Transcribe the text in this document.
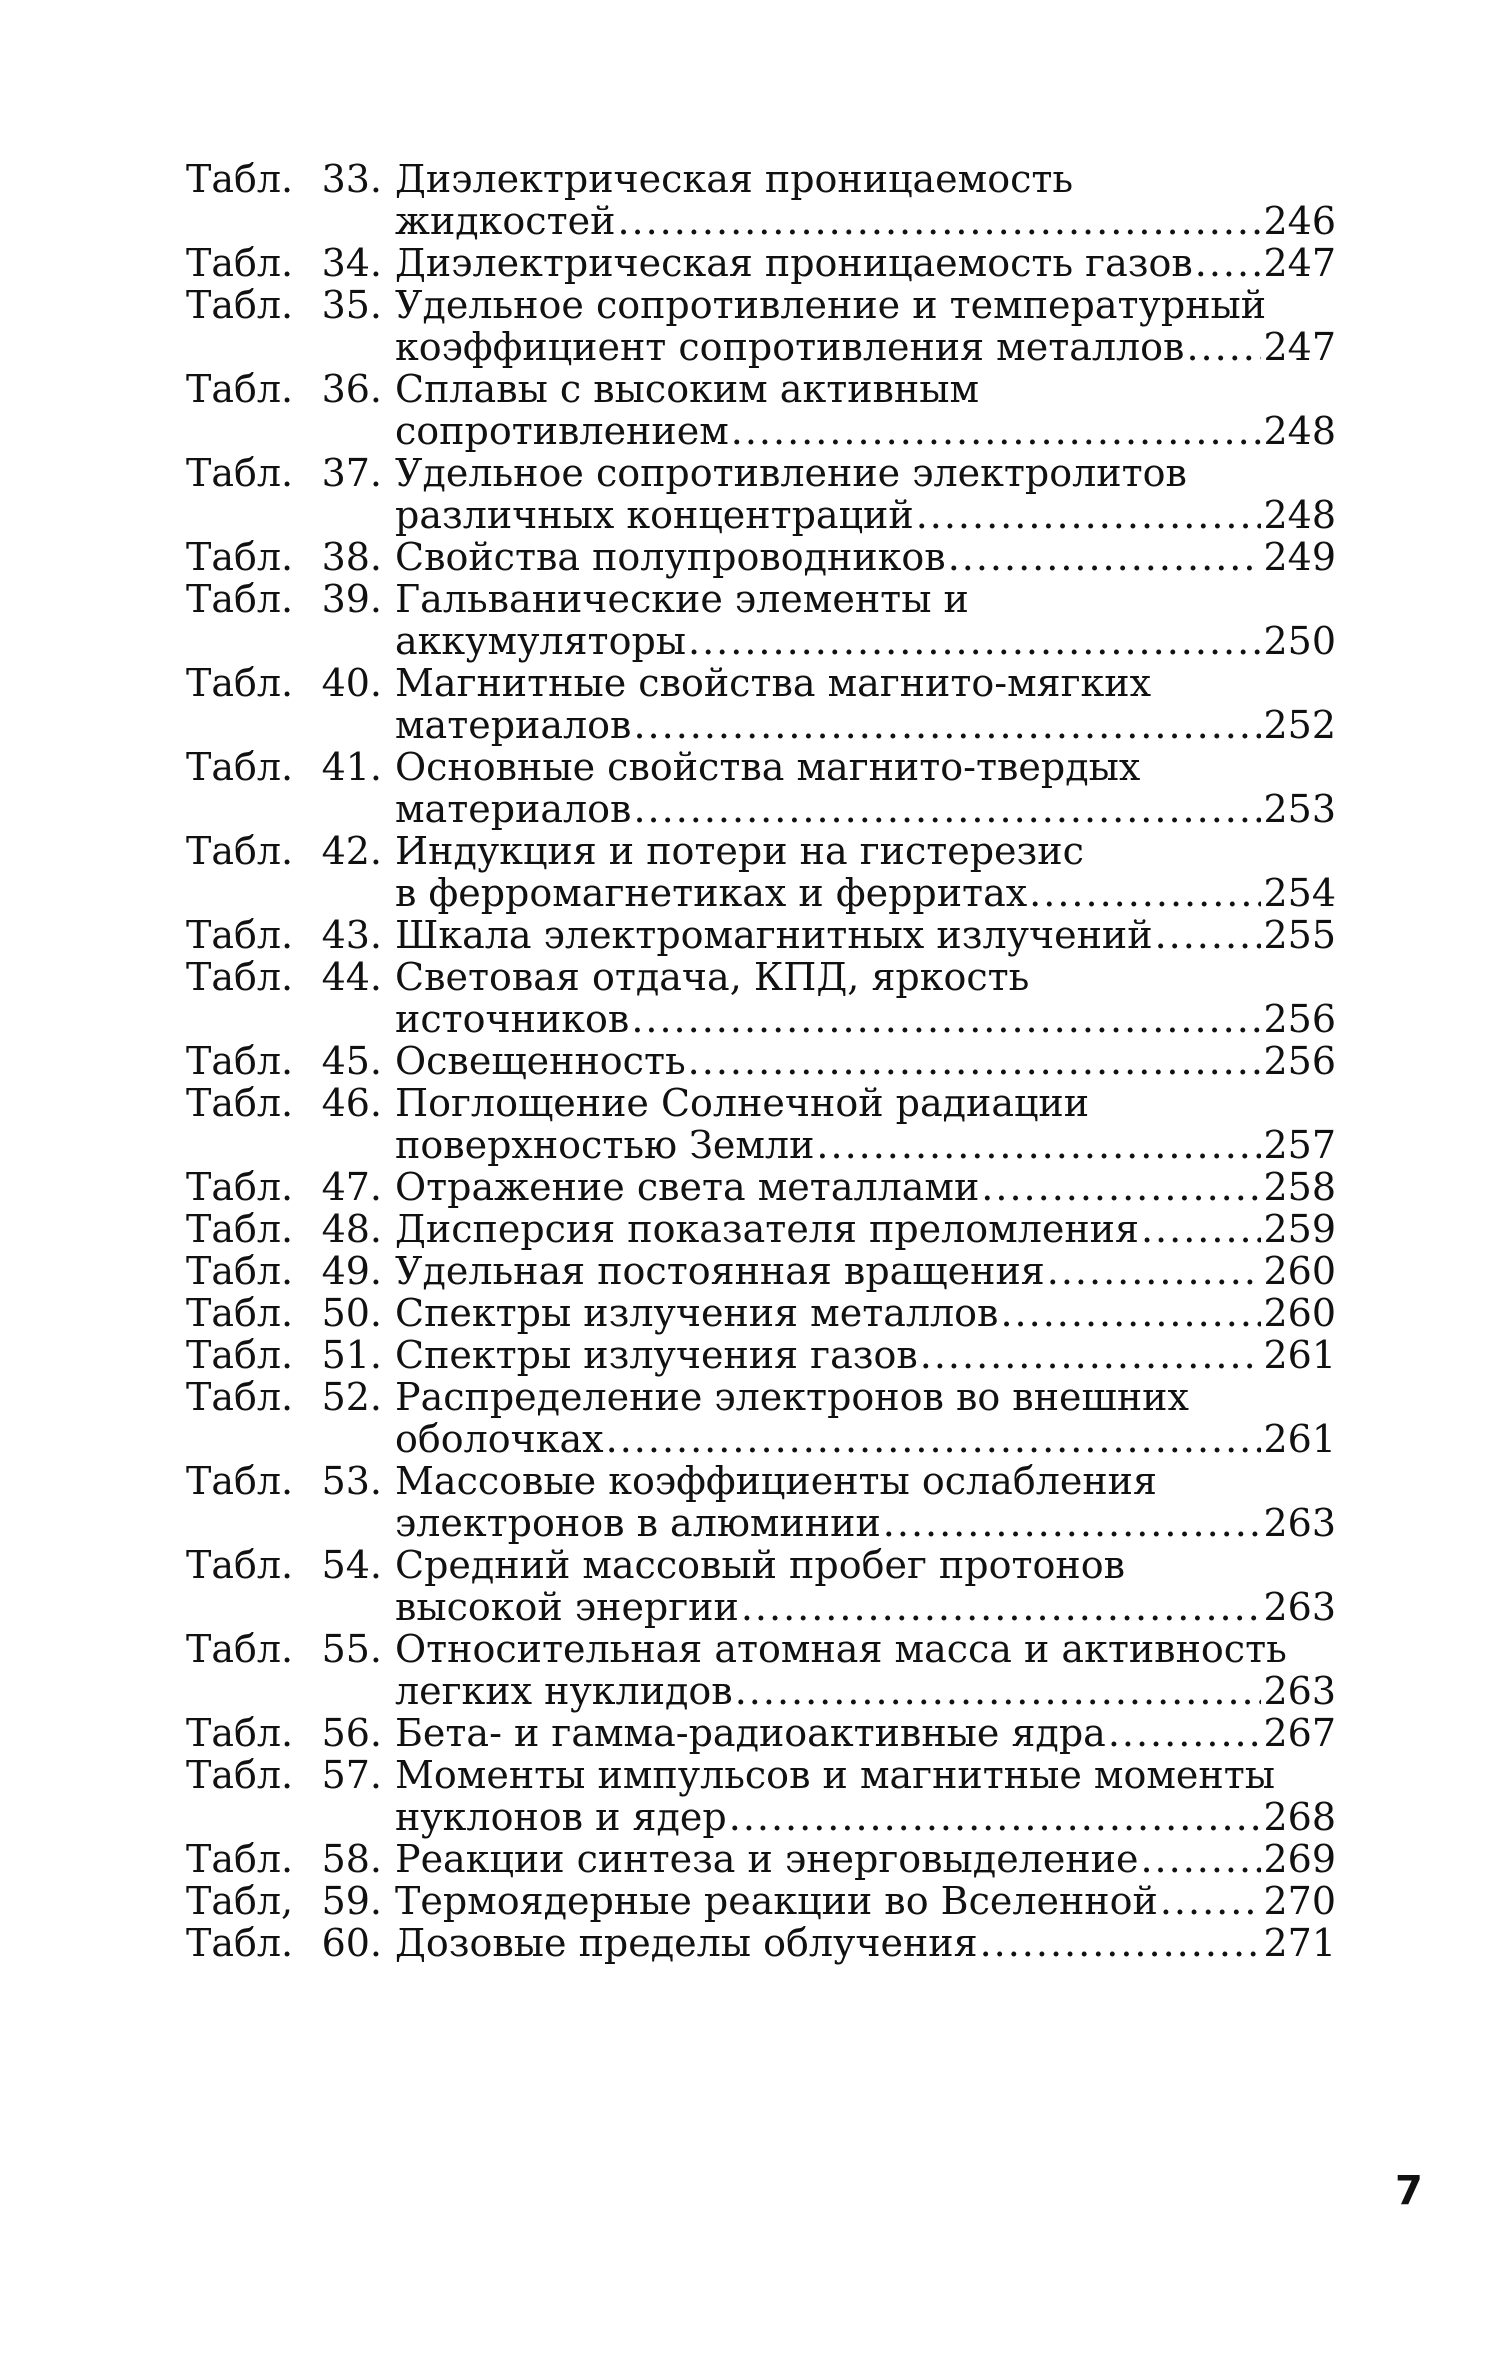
Табл. 33. Диэлектрическая проницаемость
жидкостей .....	246
Табл. 34. Диэлектрическая проницаемость газов ..... 247
Табл. 35. Удельное сопротивление и температурный
коэффициент сопротивления металлов ..... 247
Табл. 36. Сплавы с высоким активным
сопротивлением .....	248
Табл. 37. Удельное сопротивление электролитов
различных концентраций .....	248
Табл. 38. Свойства полупроводников .....	249
Табл. 39. Гальванические элементы и
аккумуляторы .....	250
Табл. 40. Магнитные свойства магнито-мягких
материалов .....	252
Табл. 41. Основные свойства магнито-твердых
материалов .....	253
Табл. 42. Индукция и потери на гистерезис
в ферромагнетиках и ферритах .....	254
Табл. 43. Шкала электромагнитных излучений .....	255
Табл. 44. Световая отдача, КПД, яркость
источников .....	256
Табл. 45. Освещенность .....	256
Табл. 46. Поглощение Солнечной радиации
поверхностью Земли .....	257
Табл. 47. Отражение света металлами .....	258
Табл. 48. Дисперсия показателя преломления .....	259
Табл. 49. Удельная постоянная вращения .....	260
Табл. 50. Спектры излучения металлов .....	260
Табл. 51. Спектры излучения газов .....	261
Табл. 52. Распределение электронов во внешних
оболочках .....	261
Табл. 53. Массовые коэффициенты ослабления
электронов в алюминии .....	263
Табл. 54. Средний массовый пробег протонов
высокой энергии .....	263
Табл. 55. Относительная атомная масса и активность
легких нуклидов .....	263
Табл. 56. Бета- и гамма-радиоактивные ядра .....	267
Табл. 57. Моменты импульсов и магнитные моменты
нуклонов и ядер .....	268
Табл. 58. Реакции синтеза и энерговыделение .....	269
Табл, 59. Термоядерные реакции во Вселенной .....	270
Табл. 60. Дозовые пределы облучения .....	271
7
